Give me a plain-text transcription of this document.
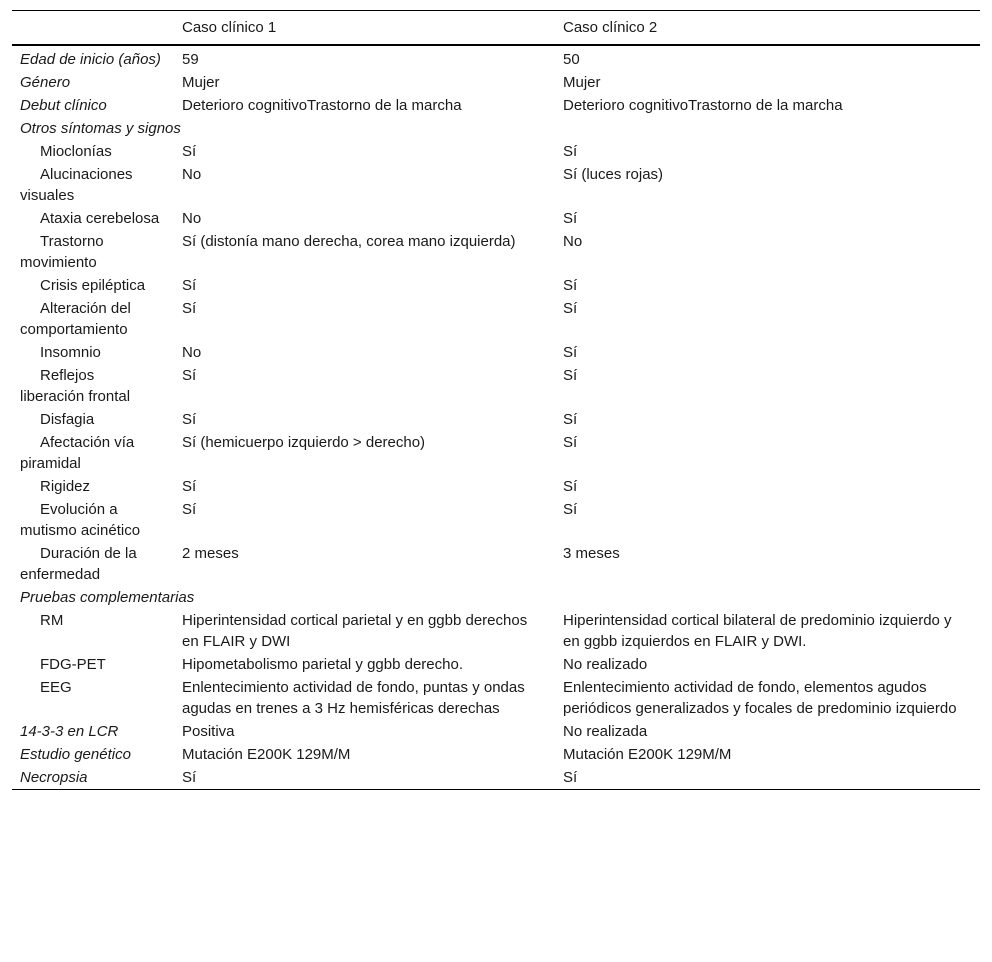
	Caso clínico 1	Caso clínico 2
Edad de inicio (años)	59	50
Género	Mujer	Mujer
Debut clínico	Deterioro cognitivoTrastorno de la marcha	Deterioro cognitivoTrastorno de la marcha
Otros síntomas y signos		
Mioclonías	Sí	Sí
Alucinaciones visuales	No	Sí (luces rojas)
Ataxia cerebelosa	No	Sí
Trastorno movimiento	Sí (distonía mano derecha, corea mano izquierda)	No
Crisis epiléptica	Sí	Sí
Alteración del comportamiento	Sí	Sí
Insomnio	No	Sí
Reflejos liberación frontal	Sí	Sí
Disfagia	Sí	Sí
Afectación vía piramidal	Sí (hemicuerpo izquierdo > derecho)	Sí
Rigidez	Sí	Sí
Evolución a mutismo acinético	Sí	Sí
Duración de la enfermedad	2 meses	3 meses
Pruebas complementarias		
RM	Hiperintensidad cortical parietal y en ggbb derechos en FLAIR y DWI	Hiperintensidad cortical bilateral de predominio izquierdo y en ggbb izquierdos en FLAIR y DWI.
FDG-PET	Hipometabolismo parietal y ggbb derecho.	No realizado
EEG	Enlentecimiento actividad de fondo, puntas y ondas agudas en trenes a 3 Hz hemisféricas derechas	Enlentecimiento actividad de fondo, elementos agudos periódicos generalizados y focales de predominio izquierdo
14-3-3 en LCR	Positiva	No realizada
Estudio genético	Mutación E200K 129M/M	Mutación E200K 129M/M
Necropsia	Sí	Sí
